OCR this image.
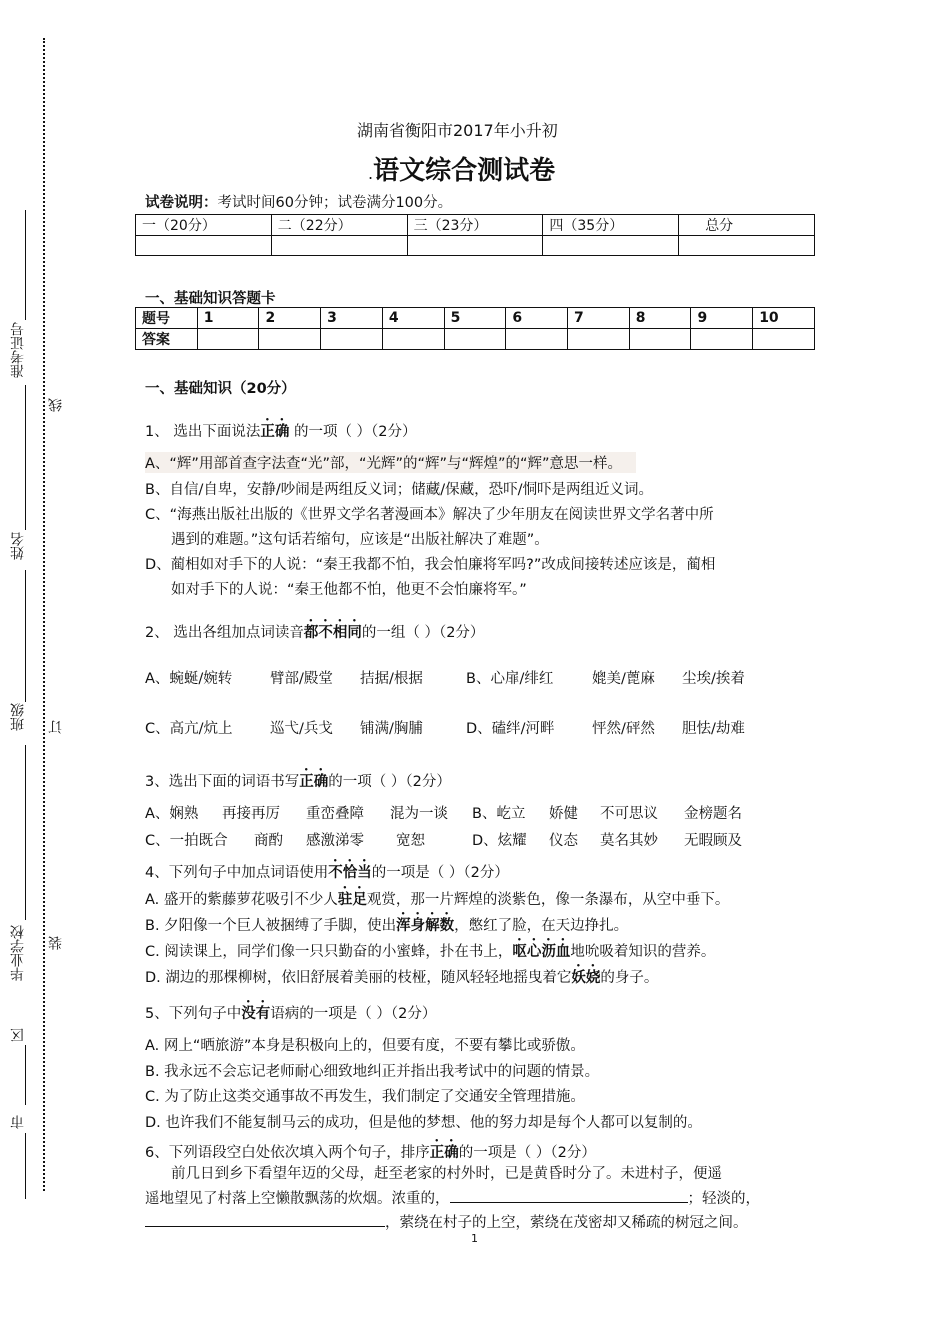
准考证号
线
姓名
班级 订
毕业学校 装
区
市
湖南省衡阳市2017年小升初
.语文综合测试卷
试卷说明：考试时间60分钟；试卷满分100分。
一（20分）	二（22分）	三（23分）	四（35分）	总分

一、基础知识答题卡
题号	1	2	3	4	5	6	7	8	9	10
答案										
一、基础知识（20分）
1、 选出下面说法正确 的一项（ ）（2分）
A、“辉”用部首查字法查“光”部，“光辉”的“辉”与“辉煌”的“辉”意思一样。
B、自信/自卑，安静/吵闹是两组反义词；储藏/保藏，恐吓/恫吓是两组近义词。
C、“海燕出版社出版的《世界文学名著漫画本》解决了少年朋友在阅读世界文学名著中所
遇到的难题。”这句话若缩句，应该是“出版社解决了难题”。
D、蔺相如对手下的人说：“秦王我都不怕，我会怕廉将军吗?”改成间接转述应该是，蔺相
如对手下的人说：“秦王他都不怕，他更不会怕廉将军。”
2、 选出各组加点词读音都不相同的一组（ ）（2分）
A、蜿蜒/婉转	臂部/殿堂 拮据/根据	B、心扉/绯红	媲美/蓖麻 尘埃/挨着
C、高亢/炕上	巡弋/兵戈 铺满/胸脯	D、磕绊/河畔	怦然/砰然 胆怯/劫难
3、选出下面的词语书写正确的一项（ ）（2分）
A、娴熟 再接再厉 重峦叠障 混为一谈 B、屹立 娇健 不可思议 金榜题名
C、一拍既合 商酌 感激涕零 宽恕	D、炫耀 仪态 莫名其妙 无暇顾及
4、下列句子中加点词语使用不恰当的一项是（ ）（2分）
A. 盛开的紫藤萝花吸引不少人驻足观赏，那一片辉煌的淡紫色，像一条瀑布，从空中垂下。
B. 夕阳像一个巨人被捆缚了手脚，使出浑身解数，憋红了脸，在天边挣扎。
C. 阅读课上，同学们像一只只勤奋的小蜜蜂，扑在书上，呕心沥血地吮吸着知识的营养。
D. 湖边的那棵柳树，依旧舒展着美丽的枝桠，随风轻轻地摇曳着它妖娆的身子。
5、下列句子中没有语病的一项是（ ）（2分）
A. 网上“晒旅游”本身是积极向上的，但要有度，不要有攀比或骄傲。
B. 我永远不会忘记老师耐心细致地纠正并指出我考试中的问题的情景。
C. 为了防止这类交通事故不再发生，我们制定了交通安全管理措施。
D. 也许我们不能复制马云的成功，但是他的梦想、他的努力却是每个人都可以复制的。
6、下列语段空白处依次填入两个句子，排序正确的一项是（ ）（2分）
前几日到乡下看望年迈的父母，赶至老家的村外时，已是黄昏时分了。未进村子，便遥
遥地望见了村落上空懒散飘荡的炊烟。浓重的，	；轻淡的，
，萦绕在村子的上空，萦绕在茂密却又稀疏的树冠之间。
1
